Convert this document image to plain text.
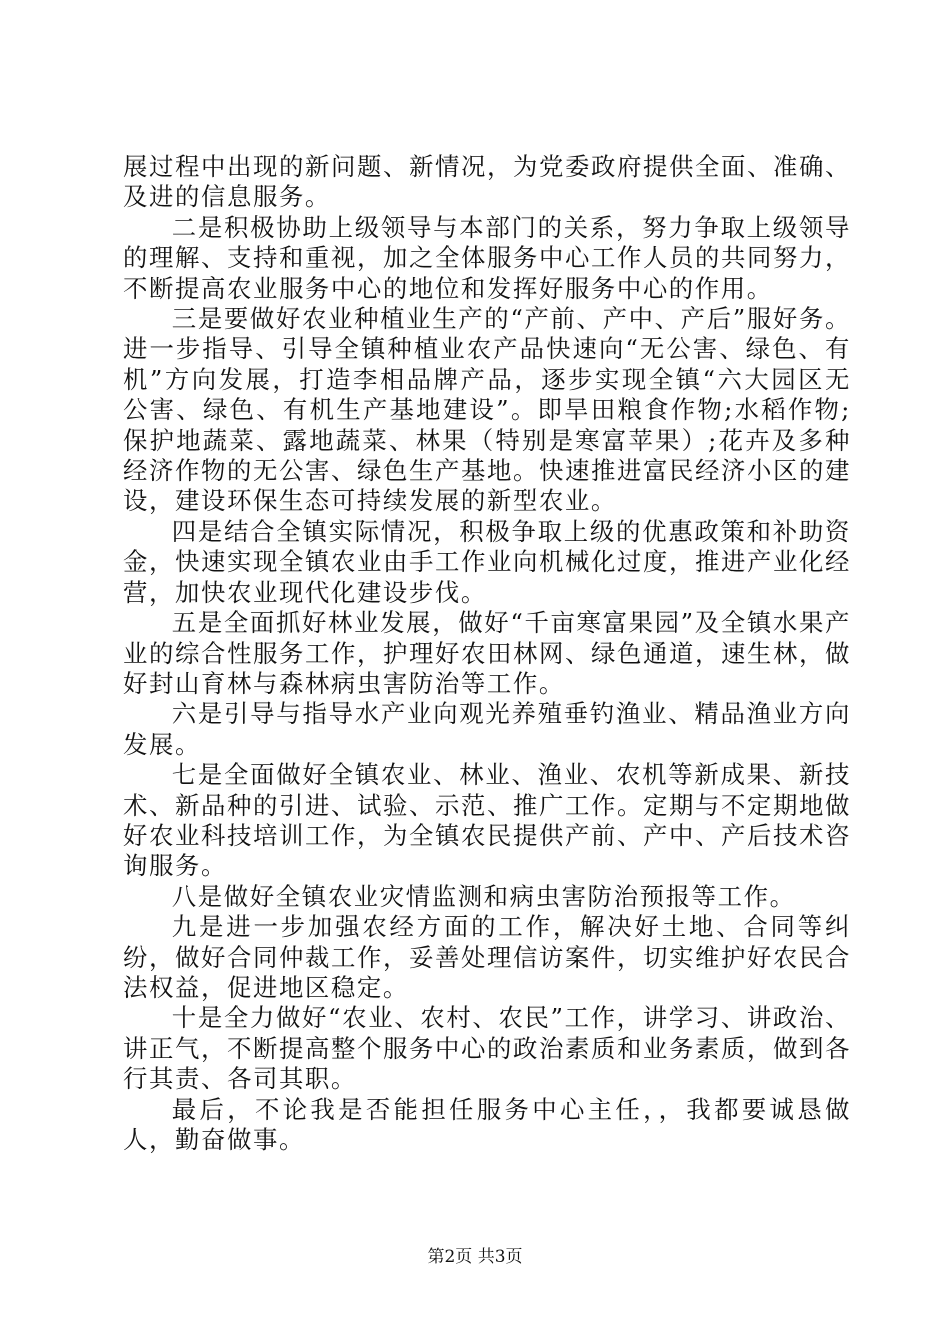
展过程中出现的新问题、新情况，为党委政府提供全面、准确、及进的信息服务。

二是积极协助上级领导与本部门的关系，努力争取上级领导的理解、支持和重视，加之全体服务中心工作人员的共同努力，不断提高农业服务中心的地位和发挥好服务中心的作用。

三是要做好农业种植业生产的“产前、产中、产后”服好务。进一步指导、引导全镇种植业农产品快速向“无公害、绿色、有机”方向发展，打造李相品牌产品，逐步实现全镇“六大园区无公害、绿色、有机生产基地建设”。即旱田粮食作物;水稻作物;保护地蔬菜、露地蔬菜、林果（特别是寒富苹果）;花卉及多种经济作物的无公害、绿色生产基地。快速推进富民经济小区的建设，建设环保生态可持续发展的新型农业。

四是结合全镇实际情况，积极争取上级的优惠政策和补助资金，快速实现全镇农业由手工作业向机械化过度，推进产业化经营，加快农业现代化建设步伐。

五是全面抓好林业发展，做好“千亩寒富果园”及全镇水果产业的综合性服务工作，护理好农田林网、绿色通道，速生林，做好封山育林与森林病虫害防治等工作。

六是引导与指导水产业向观光养殖垂钓渔业、精品渔业方向发展。

七是全面做好全镇农业、林业、渔业、农机等新成果、新技术、新品种的引进、试验、示范、推广工作。定期与不定期地做好农业科技培训工作，为全镇农民提供产前、产中、产后技术咨询服务。

八是做好全镇农业灾情监测和病虫害防治预报等工作。

九是进一步加强农经方面的工作，解决好土地、合同等纠纷，做好合同仲裁工作，妥善处理信访案件，切实维护好农民合法权益，促进地区稳定。

十是全力做好“农业、农村、农民”工作，讲学习、讲政治、讲正气，不断提高整个服务中心的政治素质和业务素质，做到各行其责、各司其职。

最后，不论我是否能担任服务中心主任，，我都要诚恳做人，勤奋做事。

第2页 共3页
